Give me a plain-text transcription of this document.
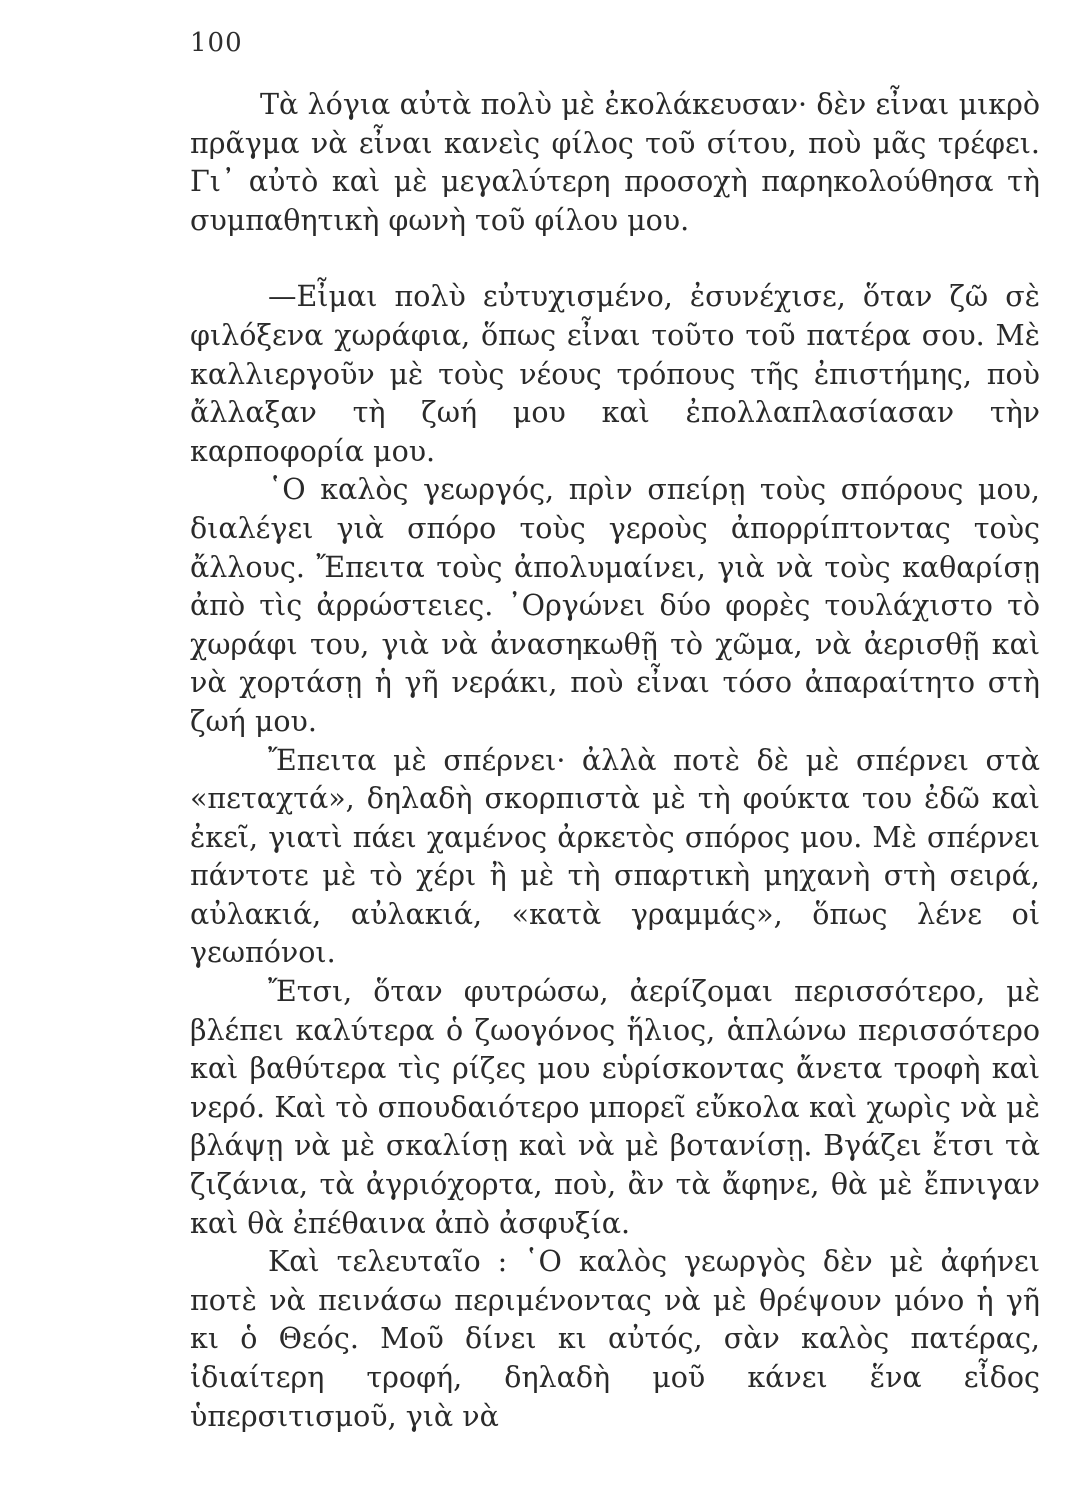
100

Τὰ λόγια αὐτὰ πολὺ μὲ ἐκολάκευσαν· δὲν εἶναι μικρὸ πρᾶγμα νὰ εἶναι κανεὶς φίλος τοῦ σίτου, ποὺ μᾶς τρέφει. Γι᾿ αὐτὸ καὶ μὲ μεγαλύτερη προσοχὴ παρηκολούθησα τὴ συμπαθητικὴ φωνὴ τοῦ φίλου μου.

—Εἶμαι πολὺ εὐτυχισμένο, ἐσυνέχισε, ὅταν ζῶ σὲ φιλόξενα χωράφια, ὅπως εἶναι τοῦτο τοῦ πατέρα σου. Μὲ καλλιεργοῦν μὲ τοὺς νέους τρόπους τῆς ἐπιστήμης, ποὺ ἄλλαξαν τὴ ζωή μου καὶ ἐπολλαπλασίασαν τὴν καρποφορία μου.

῾Ο καλὸς γεωργός, πρὶν σπείρῃ τοὺς σπόρους μου, διαλέγει γιὰ σπόρο τοὺς γεροὺς ἀπορρίπτοντας τοὺς ἄλλους. Ἔπειτα τοὺς ἀπολυμαίνει, γιὰ νὰ τοὺς καθαρίσῃ ἀπὸ τὶς ἀρρώστειες. ᾿Οργώνει δύο φορὲς τουλάχιστο τὸ χωράφι του, γιὰ νὰ ἀνασηκωθῇ τὸ χῶμα, νὰ ἀερισθῇ καὶ νὰ χορτάσῃ ἡ γῆ νεράκι, ποὺ εἶναι τόσο ἀπαραίτητο στὴ ζωή μου.

Ἔπειτα μὲ σπέρνει· ἀλλὰ ποτὲ δὲ μὲ σπέρνει στὰ «πεταχτά», δηλαδὴ σκορπιστὰ μὲ τὴ φούκτα του ἐδῶ καὶ ἐκεῖ, γιατὶ πάει χαμένος ἀρκετὸς σπόρος μου. Μὲ σπέρνει πάντοτε μὲ τὸ χέρι ἢ μὲ τὴ σπαρτικὴ μηχανὴ στὴ σειρά, αὐλακιά, αὐλακιά, «κατὰ γραμμάς», ὅπως λένε οἱ γεωπόνοι.

Ἔτσι, ὅταν φυτρώσω, ἀερίζομαι περισσότερο, μὲ βλέπει καλύτερα ὁ ζωογόνος ἥλιος, ἁπλώνω περισσότερο καὶ βαθύτερα τὶς ρίζες μου εὑρίσκοντας ἄνετα τροφὴ καὶ νερό. Καὶ τὸ σπουδαιότερο μπορεῖ εὔκολα καὶ χωρὶς νὰ μὲ βλάψῃ νὰ μὲ σκαλίσῃ καὶ νὰ μὲ βοτανίσῃ. Βγάζει ἔτσι τὰ ζιζάνια, τὰ ἀγριόχορτα, ποὺ, ἂν τὰ ἄφηνε, θὰ μὲ ἔπνιγαν καὶ θὰ ἐπέθαινα ἀπὸ ἀσφυξία.

Καὶ τελευταῖο : ῾Ο καλὸς γεωργὸς δὲν μὲ ἀφήνει ποτὲ νὰ πεινάσω περιμένοντας νὰ μὲ θρέψουν μόνο ἡ γῆ κι ὁ Θεός. Μοῦ δίνει κι αὐτός, σὰν καλὸς πατέρας, ἰδιαίτερη τροφή, δηλαδὴ μοῦ κάνει ἕνα εἶδος ὑπερσιτισμοῦ, γιὰ νὰ
